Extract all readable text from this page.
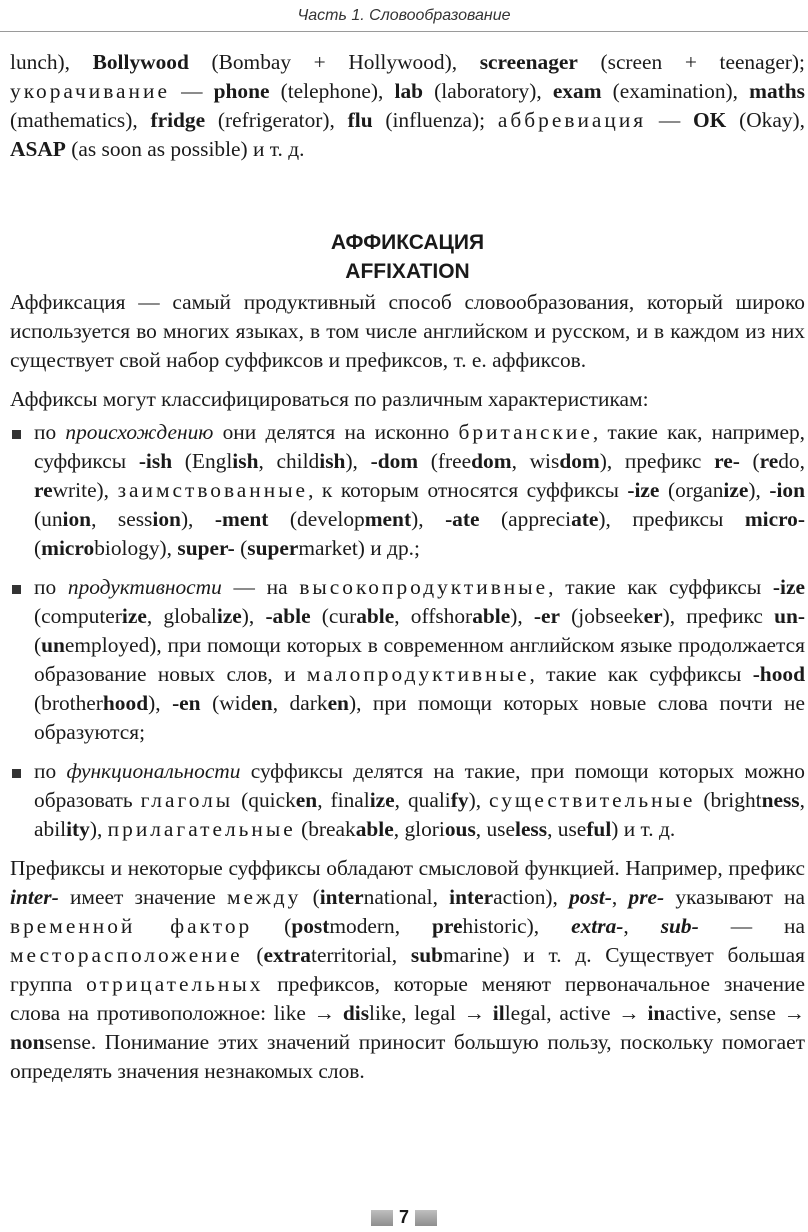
Часть 1. Словообразование

lunch), Bollywood (Bombay + Hollywood), screenager (screen + teenager); укорачивание — phone (telephone), lab (laboratory), exam (examination), maths (mathematics), fridge (refrigerator), flu (influenza); аббревиация — OK (Okay), ASAP (as soon as possible) и т. д.

АФФИКСАЦИЯ
AFFIXATION

Аффиксация — самый продуктивный способ словообразования, который широко используется во многих языках, в том числе английском и русском, и в каждом из них существует свой набор суффиксов и префиксов, т. е. аффиксов.

Аффиксы могут классифицироваться по различным характеристикам:

по происхождению они делятся на исконно британские, такие как, например, суффиксы -ish (English, childish), -dom (freedom, wisdom), префикс re- (redo, rewrite), заимствованные, к которым относятся суффиксы -ize (organize), -ion (union, session), -ment (development), -ate (appreciate), префиксы micro- (microbiology), super- (supermarket) и др.;
по продуктивности — на высокопродуктивные, такие как суффиксы -ize (computerize, globalize), -able (curable, offshorable), -er (jobseeker), префикс un- (unemployed), при помощи которых в современном английском языке продолжается образование новых слов, и малопродуктивные, такие как суффиксы -hood (brotherhood), -en (widen, darken), при помощи которых новые слова почти не образуются;
по функциональности суффиксы делятся на такие, при помощи которых можно образовать глаголы (quicken, finalize, qualify), существительные (brightness, ability), прилагательные (breakable, glorious, useless, useful) и т. д.

Префиксы и некоторые суффиксы обладают смысловой функцией. Например, префикс inter- имеет значение между (international, interaction), post-, pre- указывают на временной фактор (postmodern, prehistoric), extra-, sub- — на месторасположение (extraterritorial, submarine) и т. д. Существует большая группа отрицательных префиксов, которые меняют первоначальное значение слова на противоположное: like → dislike, legal → illegal, active → inactive, sense → nonsense. Понимание этих значений приносит большую пользу, поскольку помогает определять значения незнакомых слов.

7
